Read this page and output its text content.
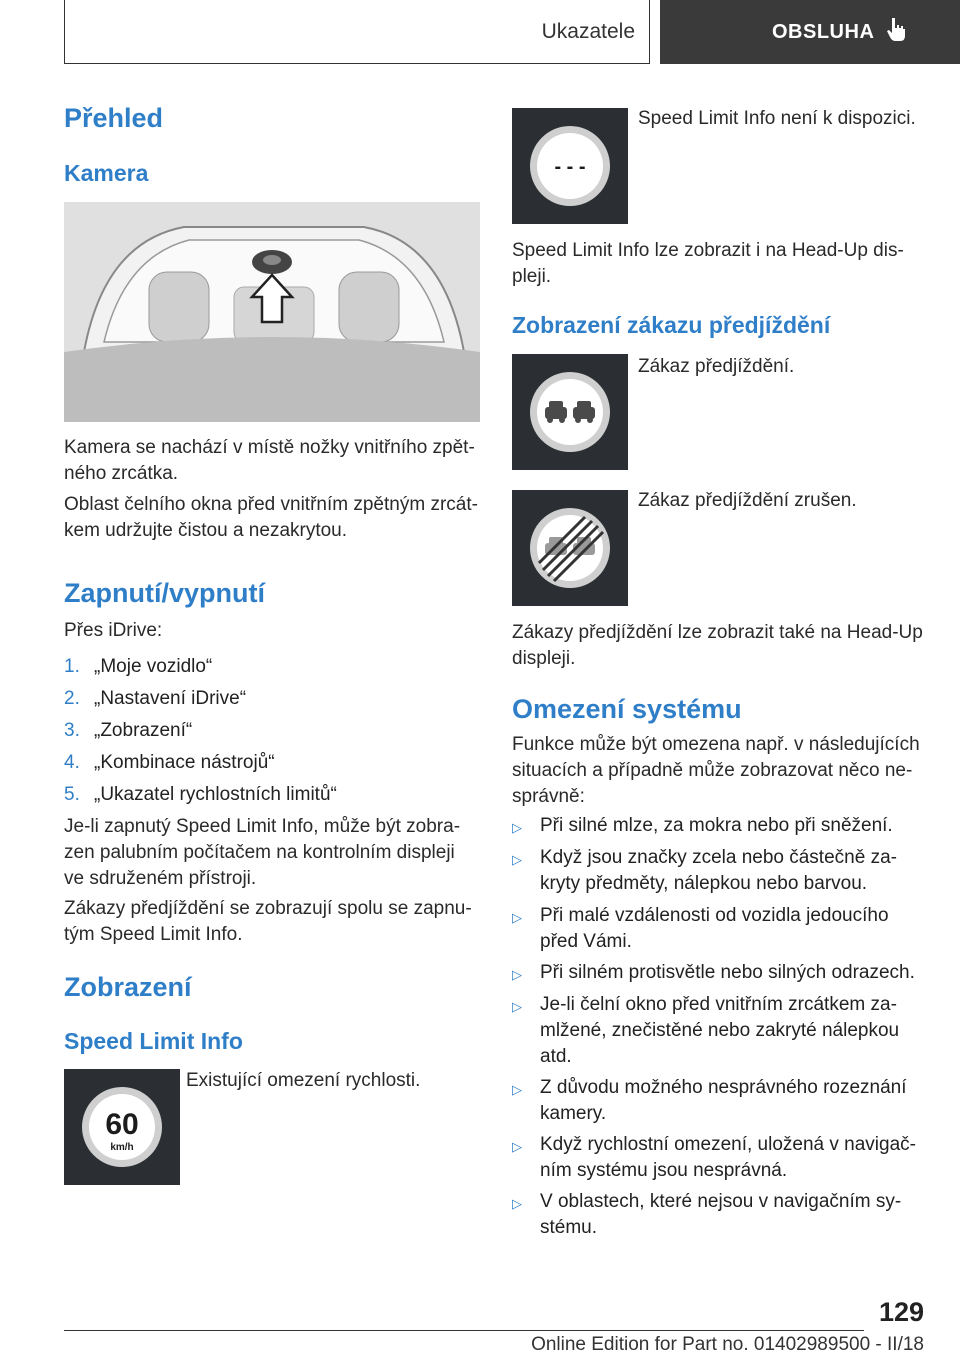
Ukazatele	OBSLUHA
Přehled
Kamera

Kamera se nachází v místě nožky vnitřního zpět-ného zrcátka.

Oblast čelního okna před vnitřním zpětným zrcát-kem udržujte čistou a nezakrytou.

Zapnutí/vypnutí

Přes iDrive:

1. „Moje vozidlo“
2. „Nastavení iDrive“
3. „Zobrazení“
4. „Kombinace nástrojů“
5. „Ukazatel rychlostních limitů“

Je-li zapnutý Speed Limit Info, může být zobra-zen palubním počítačem na kontrolním displeji ve sdruženém přístroji.

Zákazy předjíždění se zobrazují spolu se zapnu-tým Speed Limit Info.

Zobrazení
Speed Limit Info
60
km/h

Existující omezení rychlosti.

- - -

Speed Limit Info není k dispozici.

Speed Limit Info lze zobrazit i na Head-Up dis-pleji.

Zobrazení zákazu předjíždění

Zákaz předjíždění.

Zákaz předjíždění zrušen.

Zákazy předjíždění lze zobrazit také na Head-Up displeji.

Omezení systému

Funkce může být omezena např. v následujících situacích a případně může zobrazovat něco ne-správně:

▷ Při silné mlze, za mokra nebo při sněžení.
▷ Když jsou značky zcela nebo částečně za-kryty předměty, nálepkou nebo barvou.
▷ Při malé vzdálenosti od vozidla jedoucího před Vámi.
▷ Při silném protisvětle nebo silných odrazech.
▷ Je-li čelní okno před vnitřním zrcátkem za-mlžené, znečistěné nebo zakryté nálepkou atd.
▷ Z důvodu možného nesprávného rozeznání kamery.
▷ Když rychlostní omezení, uložená v navigač-ním systému jsou nesprávná.
▷ V oblastech, které nejsou v navigačním sy-stému.
129
Online Edition for Part no. 01402989500 - II/18
